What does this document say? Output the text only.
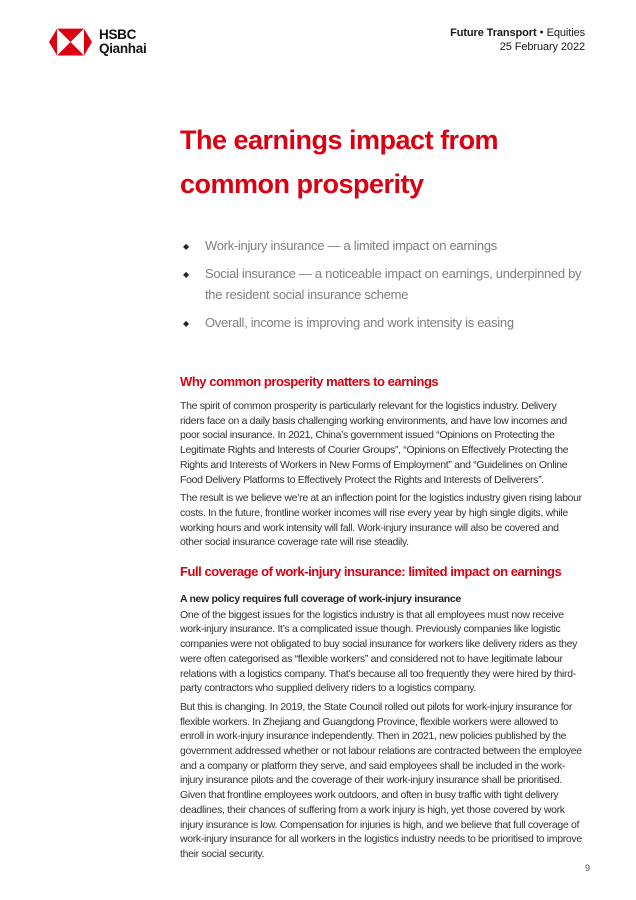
HSBC
Qianhai
Future Transport ● Equities
25 February 2022
The earnings impact from
common prosperity
◆ Work-injury insurance — a limited impact on earnings
◆ Social insurance — a noticeable impact on earnings, underpinned by the resident social insurance scheme
◆ Overall, income is improving and work intensity is easing
Why common prosperity matters to earnings

The spirit of common prosperity is particularly relevant for the logistics industry. Delivery riders face on a daily basis challenging working environments, and have low incomes and poor social insurance. In 2021, China’s government issued “Opinions on Protecting the Legitimate Rights and Interests of Courier Groups”, “Opinions on Effectively Protecting the Rights and Interests of Workers in New Forms of Employment” and “Guidelines on Online Food Delivery Platforms to Effectively Protect the Rights and Interests of Deliverers”.

The result is we believe we’re at an inflection point for the logistics industry given rising labour costs. In the future, frontline worker incomes will rise every year by high single digits, while working hours and work intensity will fall. Work-injury insurance will also be covered and other social insurance coverage rate will rise steadily.

Full coverage of work-injury insurance: limited impact on earnings
A new policy requires full coverage of work-injury insurance

One of the biggest issues for the logistics industry is that all employees must now receive work-injury insurance. It’s a complicated issue though. Previously companies like logistic companies were not obligated to buy social insurance for workers like delivery riders as they were often categorised as “flexible workers” and considered not to have legitimate labour relations with a logistics company. That’s because all too frequently they were hired by third-party contractors who supplied delivery riders to a logistics company.

But this is changing. In 2019, the State Council rolled out pilots for work-injury insurance for flexible workers. In Zhejiang and Guangdong Province, flexible workers were allowed to enroll in work-injury insurance independently. Then in 2021, new policies published by the government addressed whether or not labour relations are contracted between the employee and a company or platform they serve, and said employees shall be included in the work-injury insurance pilots and the coverage of their work-injury insurance shall be prioritised. Given that frontline employees work outdoors, and often in busy traffic with tight delivery deadlines, their chances of suffering from a work injury is high, yet those covered by work injury insurance is low. Compensation for injuries is high, and we believe that full coverage of work-injury insurance for all workers in the logistics industry needs to be prioritised to improve their social security.

9
